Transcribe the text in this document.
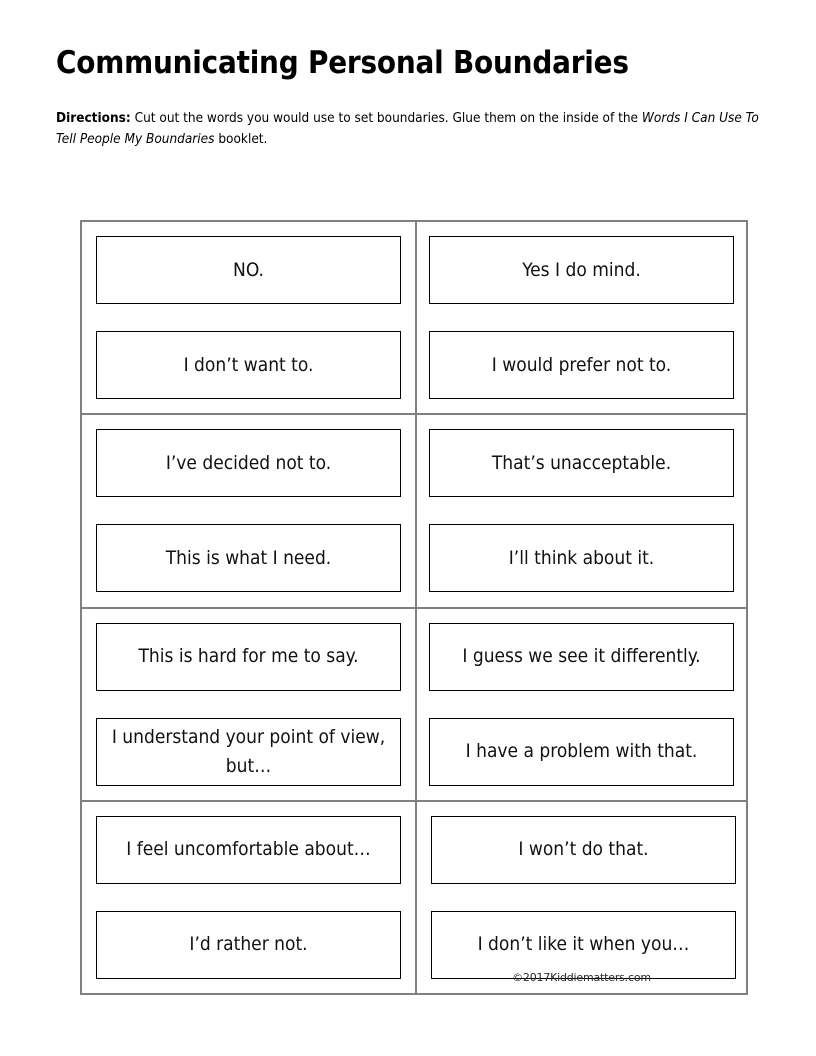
Communicating Personal Boundaries
Directions: Cut out the words you would use to set boundaries. Glue them on the inside of the Words I Can Use To Tell People My Boundaries booklet.
NO.
I don’t want to.
Yes I do mind.
I would prefer not to.
I’ve decided not to.
This is what I need.
That’s unacceptable.
I’ll think about it.
This is hard for me to say.
I understand your point of view, but…
I guess we see it differently.
I have a problem with that.
I feel uncomfortable about…
I’d rather not.
I won’t do that.
I don’t like it when you…
©2017Kiddiematters.com
